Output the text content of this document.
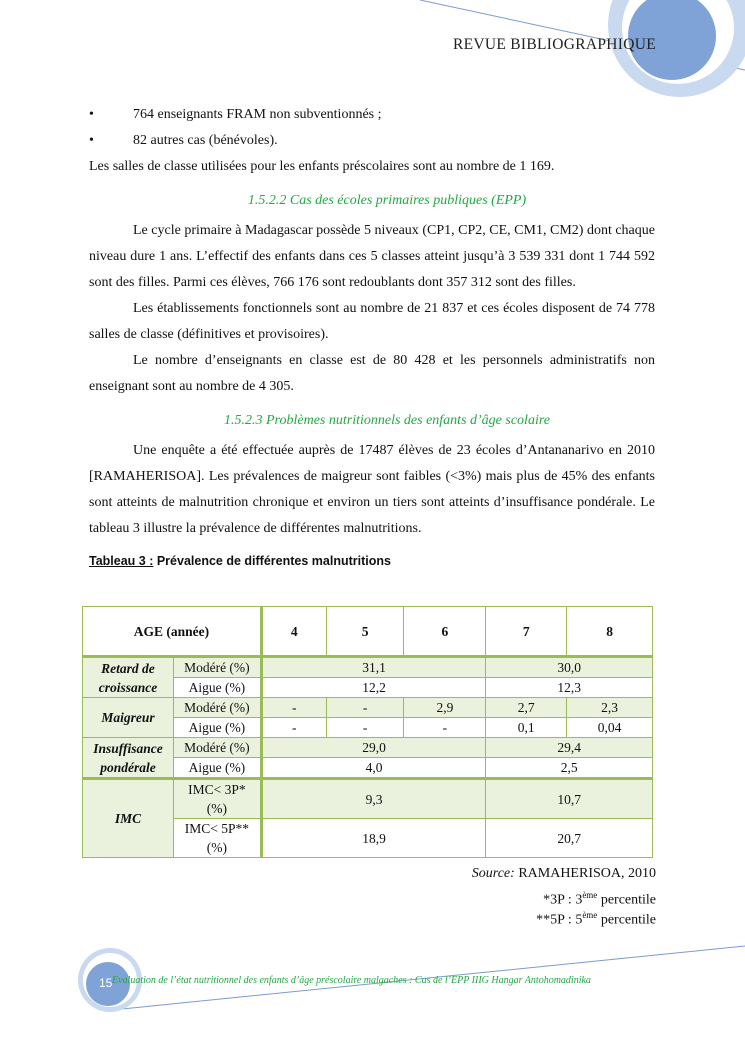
REVUE BIBLIOGRAPHIQUE
•	764 enseignants FRAM non subventionnés ;
•	82 autres cas (bénévoles).

Les salles de classe utilisées pour les enfants préscolaires sont au nombre de 1 169.

1.5.2.2 Cas des écoles primaires publiques (EPP)

Le cycle primaire à Madagascar possède 5 niveaux (CP1, CP2, CE, CM1, CM2) dont chaque niveau dure 1 ans. L’effectif des enfants dans ces 5 classes atteint jusqu’à 3 539 331 dont 1 744 592 sont des filles. Parmi ces élèves, 766 176 sont redoublants dont 357 312 sont des filles.

Les établissements fonctionnels sont au nombre de 21 837 et ces écoles disposent de 74 778 salles de classe (définitives et provisoires).

Le nombre d’enseignants en classe est de 80 428 et les personnels administratifs non enseignant sont au nombre de 4 305.

1.5.2.3 Problèmes nutritionnels des enfants d’âge scolaire

Une enquête a été effectuée auprès de 17487 élèves de 23 écoles d’Antananarivo en 2010 [RAMAHERISOA]. Les prévalences de maigreur sont faibles (<3%) mais plus de 45% des enfants sont atteints de malnutrition chronique et environ un tiers sont atteints d’insuffisance pondérale. Le tableau 3 illustre la prévalence de différentes malnutritions.

Tableau 3 : Prévalence de différentes malnutritions
AGE (année)		4	5	6	7	8
Retard de croissance	Modéré (%)	31,1			30,0	
	Aigue (%)	12,2			12,3	
Maigreur	Modéré (%)	-	-	2,9	2,7	2,3
	Aigue (%)	-	-	-	0,1	0,04
Insuffisance pondérale	Modéré (%)	29,0			29,4	
	Aigue (%)	4,0			2,5	
IMC	IMC< 3P* (%)	9,3			10,7	
	IMC< 5P** (%)	18,9			20,7	
Source: RAMAHERISOA, 2010
*3P : 3ème percentile
**5P : 5ème percentile
15 Evaluation de l’état nutritionnel des enfants d’âge préscolaire malgaches : Cas de l’EPP IIIG Hangar Antohomadinika
